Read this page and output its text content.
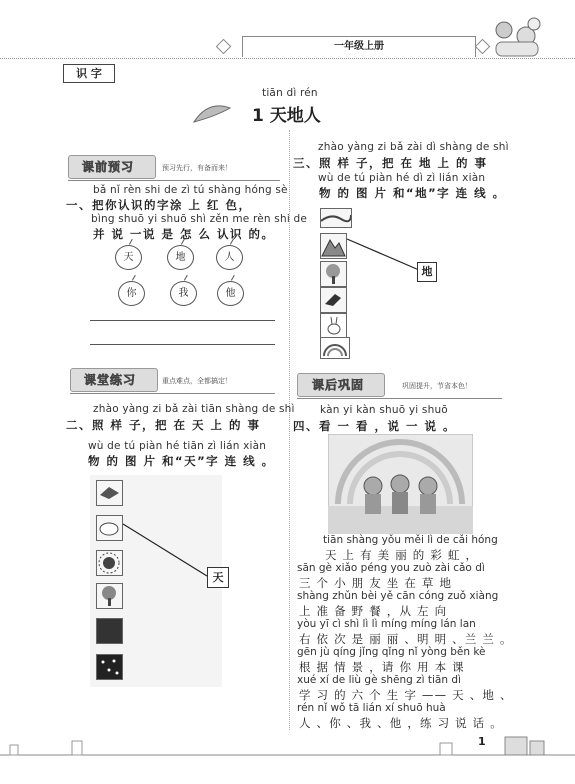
一年级上册
识 字
tiān dì rén
1 天地人
课前预习	预习先行，有备而来！
bǎ nǐ rèn shi de zì tú shàng hóng sè
一、把你认识的字涂 上 红 色，
bìng shuō yi shuō shì zěn me rèn shi de
并 说 一说 是 怎 么 认识 的。
天	地	人
你	我	他
课堂练习	重点难点，全都搞定！
zhào yàng zi bǎ zài tiān shàng de shì
二、照 样 子，把 在 天 上 的 事
wù de tú piàn hé tiān zì lián xiàn
物 的 图 片 和“天”字 连 线 。
天
zhào yàng zi bǎ zài dì shàng de shì
三、照 样 子，把 在 地 上 的 事
wù de tú piàn hé dì zì lián xiàn
物 的 图 片 和“地”字 连 线 。
地
课后巩固	巩固提升，节省本色！
kàn yi kàn shuō yi shuō
四、看 一 看 ，说 一 说 。
tiān shàng yǒu měi lì de cǎi hóng
天 上 有 美 丽 的 彩 虹 ，
sān gè xiǎo péng you zuò zài cǎo dì
三 个 小 朋 友 坐 在 草 地
shàng zhǔn bèi yě cān cóng zuǒ xiàng
上 准 备 野 餐 ，从 左 向
yòu yī cì shì lì lì míng míng lán lan
右 依 次 是 丽 丽 、明 明 、兰 兰 。
gēn jù qíng jǐng qǐng nǐ yòng běn kè
根 据 情 景 ，请 你 用 本 课
xué xí de liù gè shēng zì tiān dì
学 习 的 六 个 生 字 —— 天 、地 、
rén nǐ wǒ tā lián xí shuō huà
人 、你 、我 、他 ，练 习 说 话 。
1
